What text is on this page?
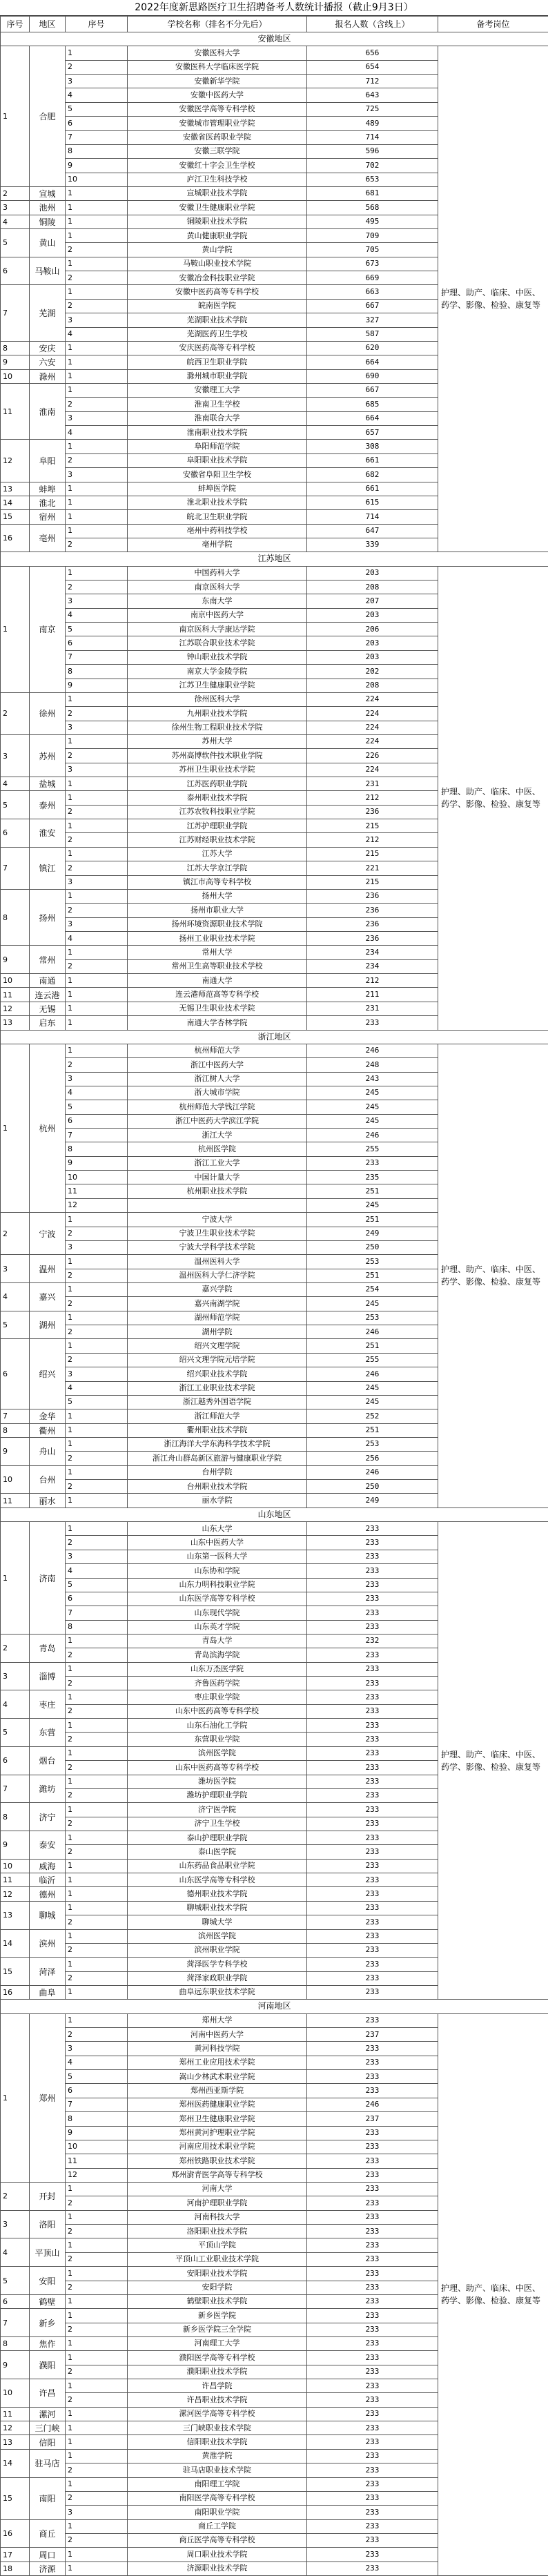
2022年度新思路医疗卫生招聘备考人数统计播报（截止9月3日）
序号	地区	序号	学校名称（排名不分先后）	报名人数（含线上）	备考岗位
安徽地区					
1	合肥	1	安徽医科大学	656	护理、助产、临床、中医、药学、影像、检验、康复等
		2	安徽医科大学临床医学院	654	
		3	安徽新华学院	712	
		4	安徽中医药大学	643	
		5	安徽医学高等专科学校	725	
		6	安徽城市管理职业学院	489	
		7	安徽省医药职业学院	714	
		8	安徽三联学院	596	
		9	安徽红十字会卫生学校	702	
		10	庐江卫生科技学校	653	
2	宣城	1	宣城职业技术学院	681	
3	池州	1	安徽卫生健康职业学院	568	
4	铜陵	1	铜陵职业技术学院	495	
5	黄山	1	黄山健康职业学院	709	
		2	黄山学院	705	
6	马鞍山	1	马鞍山职业技术学院	673	
		2	安徽冶金科技职业学院	669	
7	芜湖	1	安徽中医药高等专科学校	663	
		2	皖南医学院	667	
		3	芜湖职业技术学院	327	
		4	芜湖医药卫生学校	587	
8	安庆	1	安庆医药高等专科学校	620	
9	六安	1	皖西卫生职业学院	664	
10	滁州	1	滁州城市职业学院	690	
11	淮南	1	安徽理工大学	667	
		2	淮南卫生学校	685	
		3	淮南联合大学	664	
		4	淮南职业技术学院	657	
12	阜阳	1	阜阳师范学院	308	
		2	阜阳职业技术学院	661	
		3	安徽省阜阳卫生学校	682	
13	蚌埠	1	蚌埠医学院	661	
14	淮北	1	淮北职业技术学院	615	
15	宿州	1	皖北卫生职业学院	714	
16	亳州	1	亳州中药科技学校	647	
		2	亳州学院	339	
江苏地区					
1	南京	1	中国药科大学	203	护理、助产、临床、中医、药学、影像、检验、康复等
		2	南京医科大学	208	
		3	东南大学	207	
		4	南京中医药大学	203	
		5	南京医科大学康达学院	206	
		6	江苏联合职业技术学院	203	
		7	钟山职业技术学院	203	
		8	南京大学金陵学院	202	
		9	江苏卫生健康职业学院	208	
2	徐州	1	徐州医科大学	224	
		2	九州职业技术学院	224	
		3	徐州生物工程职业技术学院	224	
3	苏州	1	苏州大学	224	
		2	苏州高博软件技术职业学院	226	
		3	苏州卫生职业技术学院	224	
4	盐城	1	江苏医药职业学院	231	
5	泰州	1	泰州职业技术学院	212	
		2	江苏农牧科技职业学院	236	
6	淮安	1	江苏护理职业学院	215	
		2	江苏财经职业技术学院	212	
7	镇江	1	江苏大学	215	
		2	江苏大学京江学院	221	
		3	镇江市高等专科学校	215	
8	扬州	1	扬州大学	236	
		2	扬州市职业大学	236	
		3	扬州环境资源职业技术学院	236	
		4	扬州工业职业技术学院	236	
9	常州	1	常州大学	234	
		2	常州卫生高等职业技术学校	234	
10	南通	1	南通大学	212	
11	连云港	1	连云港师范高等专科学校	211	
12	无锡	1	无锡卫生职业技术学院	231	
13	启东	1	南通大学杏林学院	233	
浙江地区					
1	杭州	1	杭州师范大学	246	护理、助产、临床、中医、药学、影像、检验、康复等
		2	浙江中医药大学	248	
		3	浙江树人大学	243	
		4	浙大城市学院	245	
		5	杭州师范大学钱江学院	245	
		6	浙江中医药大学滨江学院	245	
		7	浙江大学	246	
		8	杭州医学院	255	
		9	浙江工业大学	233	
		10	中国计量大学	235	
		11	杭州职业技术学院	251	
		12		245	
2	宁波	1	宁波大学	251	
		2	宁波卫生职业技术学院	249	
		3	宁波大学科学技术学院	250	
3	温州	1	温州医科大学	253	
		2	温州医科大学仁济学院	251	
4	嘉兴	1	嘉兴学院	254	
		2	嘉兴南湖学院	245	
5	湖州	1	湖州师范学院	253	
		2	湖州学院	246	
6	绍兴	1	绍兴文理学院	251	
		2	绍兴文理学院元培学院	255	
		3	绍兴职业技术学院	246	
		4	浙江工业职业技术学院	245	
		5	浙江越秀外国语学院	245	
7	金华	1	浙江师范大学	252	
8	衢州	1	衢州职业技术学院	251	
9	舟山	1	浙江海洋大学东海科学技术学院	253	
		2	浙江舟山群岛新区旅游与健康职业学院	256	
10	台州	1	台州学院	246	
		2	台州职业技术学院	250	
11	丽水	1	丽水学院	249	
山东地区					
1	济南	1	山东大学	233	护理、助产、临床、中医、药学、影像、检验、康复等
		2	山东中医药大学	233	
		3	山东第一医科大学	233	
		4	山东协和学院	233	
		5	山东力明科技职业学院	233	
		6	山东医学高等专科学校	233	
		7	山东现代学院	233	
		8	山东英才学院	233	
2	青岛	1	青岛大学	232	
		2	青岛滨海学院	233	
3	淄博	1	山东万杰医学院	233	
		2	齐鲁医药学院	233	
4	枣庄	1	枣庄职业学院	233	
		2	山东中医药高等专科学校	233	
5	东营	1	山东石油化工学院	233	
		2	东营职业学院	233	
6	烟台	1	滨州医学院	233	
		2	山东中医药高等专科学校	233	
7	潍坊	1	潍坊医学院	233	
		2	潍坊护理职业学院	233	
8	济宁	1	济宁医学院	233	
		2	济宁卫生学校	233	
9	泰安	1	泰山护理职业学院	233	
		2	泰山医学院	233	
10	威海	1	山东药品食品职业学院	233	
11	临沂	1	山东医学高等专科学校	233	
12	德州	1	德州职业技术学院	233	
13	聊城	1	聊城职业技术学院	233	
		2	聊城大学	233	
14	滨州	1	滨州医学院	233	
		2	滨州职业学院	233	
15	菏泽	1	菏泽医学专科学校	233	
		2	菏泽家政职业学院	233	
16	曲阜	1	曲阜远东职业技术学院	233	
河南地区					
1	郑州	1	郑州大学	233	护理、助产、临床、中医、药学、影像、检验、康复等
		2	河南中医药大学	237	
		3	黄河科技学院	233	
		4	郑州工业应用技术学院	233	
		5	嵩山少林武术职业学院	233	
		6	郑州西亚斯学院	233	
		7	郑州医药健康职业学院	246	
		8	郑州卫生健康职业学院	237	
		9	郑州黄河护理职业学院	233	
		10	河南应用技术职业学院	233	
		11	郑州铁路职业技术学院	233	
		12	郑州澍青医学高等专科学校	233	
2	开封	1	河南大学	233	
		2	河南护理职业学院	233	
3	洛阳	1	河南科技大学	233	
		2	洛阳职业技术学院	233	
4	平顶山	1	平顶山学院	233	
		2	平顶山工业职业技术学院	233	
5	安阳	1	安阳职业技术学院	233	
		2	安阳学院	233	
6	鹤壁	1	鹤壁职业技术学院	233	
7	新乡	1	新乡医学院	233	
		2	新乡医学院三全学院	233	
8	焦作	1	河南理工大学	233	
9	濮阳	1	濮阳医学高等专科学校	233	
		2	濮阳职业技术学院	233	
10	许昌	1	许昌学院	233	
		2	许昌职业技术学院	233	
11	漯河	1	漯河医学高等专科学校	233	
12	三门峡	1	三门峡职业技术学院	233	
13	信阳	1	信阳职业技术学院	233	
14	驻马店	1	黄淮学院	233	
		2	驻马店职业技术学院	233	
15	南阳	1	南阳理工学院	233	
		2	南阳医学高等专科学校	233	
		3	南阳职业学院	233	
16	商丘	1	商丘工学院	233	
		2	商丘医学高等专科学校	233	
17	周口	1	周口职业技术学院	233	
18	济源	1	济源职业技术学院	233	
